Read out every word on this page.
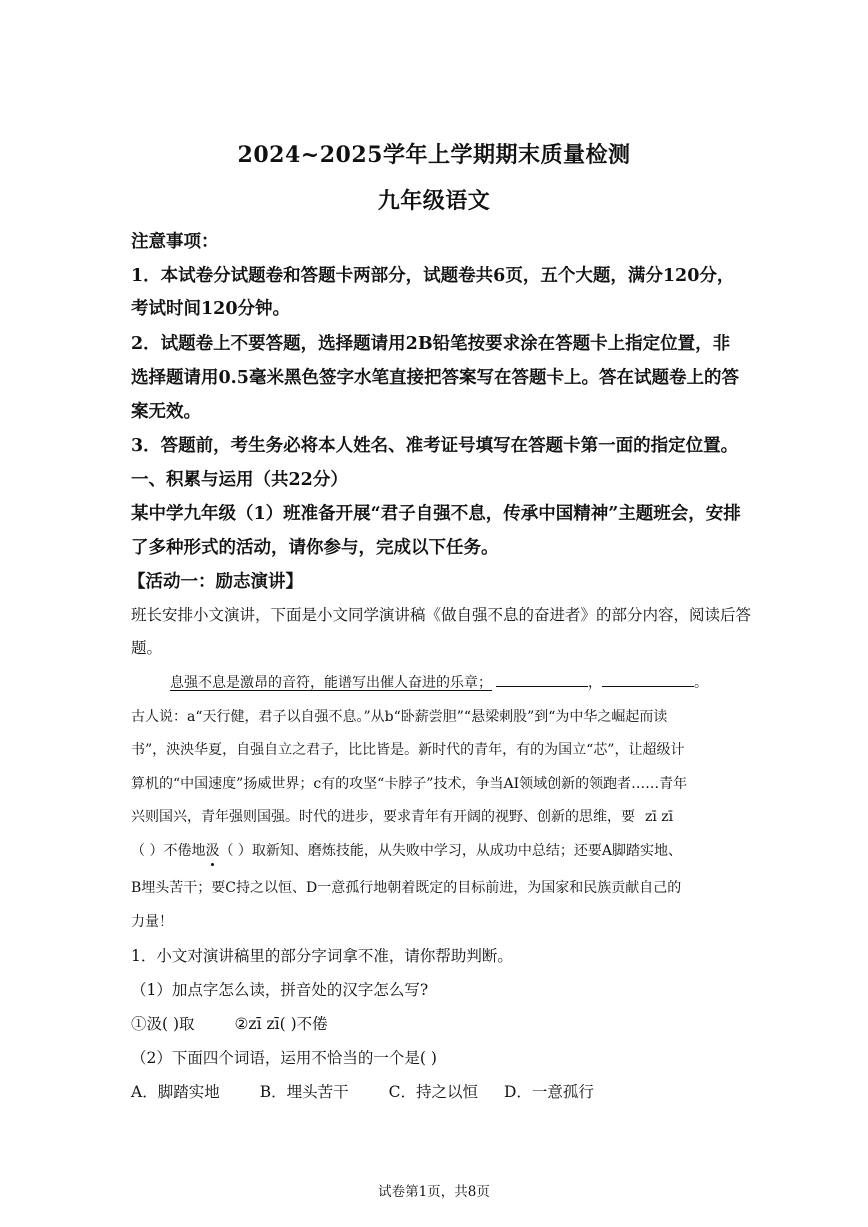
2024~2025学年上学期期末质量检测
九年级语文
注意事项：
1．本试卷分试题卷和答题卡两部分，试题卷共6页，五个大题，满分120分，
考试时间120分钟。
2．试题卷上不要答题，选择题请用2B铅笔按要求涂在答题卡上指定位置，非
选择题请用0.5毫米黑色签字水笔直接把答案写在答题卡上。答在试题卷上的答
案无效。
3．答题前，考生务必将本人姓名、准考证号填写在答题卡第一面的指定位置。
一、积累与运用（共22分）
某中学九年级（1）班准备开展“君子自强不息，传承中国精神”主题班会，安排
了多种形式的活动，请你参与，完成以下任务。
【活动一：励志演讲】
班长安排小文演讲，下面是小文同学演讲稿《做自强不息的奋进者》的部分内容，阅读后答
题。
息强不息是激昂的音符，能谱写出催人奋进的乐章；	，	。
古人说：a“天行健，君子以自强不息。”从b“卧薪尝胆”“悬梁刺股”到“为中华之崛起而读
书”，泱泱华夏，自强自立之君子，比比皆是。新时代的青年，有的为国立“芯”，让超级计
算机的“中国速度”扬威世界；c有的攻坚“卡脖子”技术，争当AI领域创新的领跑者……青年
兴则国兴，青年强则国强。时代的进步，要求青年有开阔的视野、创新的思维，要 zī zī
（ ）不倦地汲（ ）取新知、磨炼技能，从失败中学习，从成功中总结；还要A脚踏实地、
B埋头苦干；要C持之以恒、D一意孤行地朝着既定的目标前进，为国家和民族贡献自己的
力量！
1．小文对演讲稿里的部分字词拿不准，请你帮助判断。
（1）加点字怎么读，拼音处的汉字怎么写?
①汲( )取	②zī zī( )不倦
（2）下面四个词语，运用不恰当的一个是( )
A．脚踏实地	B．埋头苦干	C．持之以恒 D．一意孤行
试卷第1页，共8页
